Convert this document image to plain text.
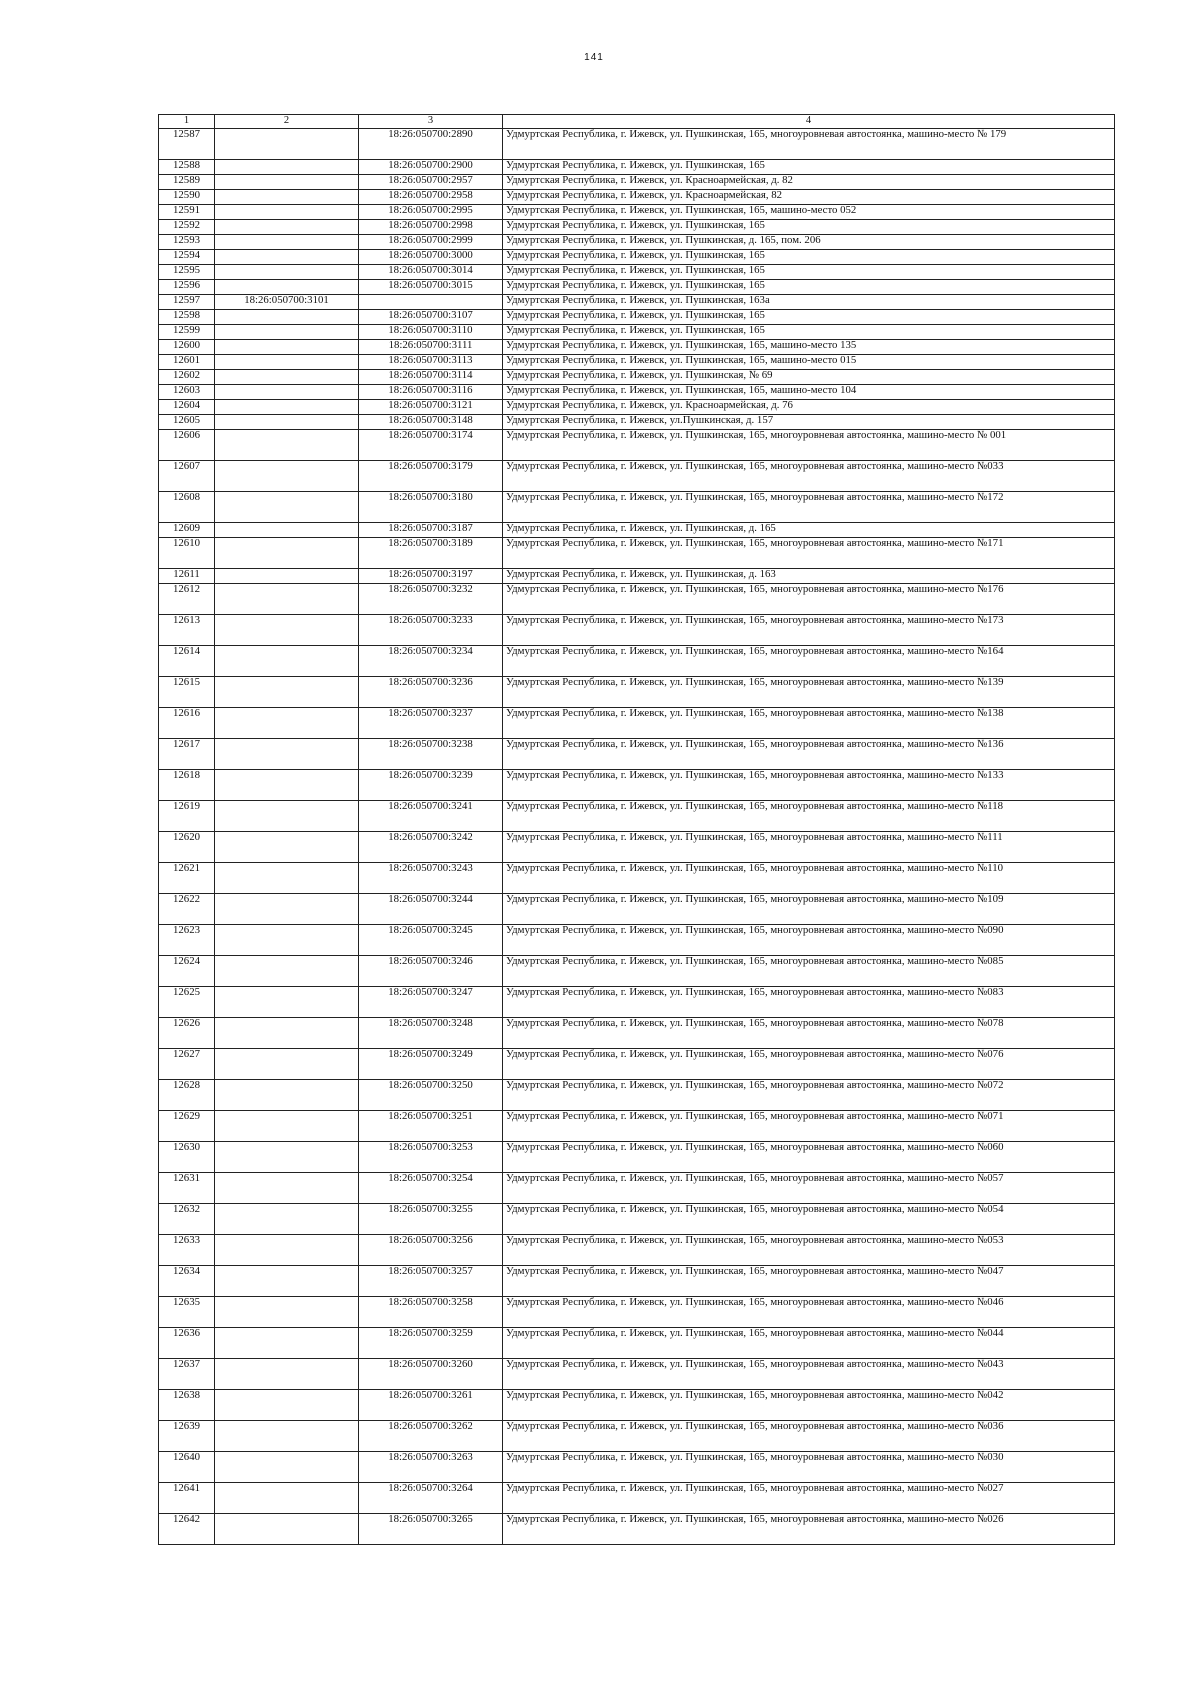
141
1	2	3	4
12587		18:26:050700:2890	Удмуртская Республика, г. Ижевск, ул. Пушкинская, 165, многоуровневая автостоянка, машино-место № 179
12588		18:26:050700:2900	Удмуртская Республика, г. Ижевск, ул. Пушкинская, 165
12589		18:26:050700:2957	Удмуртская Республика, г. Ижевск, ул. Красноармейская, д. 82
12590		18:26:050700:2958	Удмуртская Республика, г. Ижевск, ул. Красноармейская, 82
12591		18:26:050700:2995	Удмуртская Республика, г. Ижевск, ул. Пушкинская, 165, машино-место 052
12592		18:26:050700:2998	Удмуртская Республика, г. Ижевск, ул. Пушкинская, 165
12593		18:26:050700:2999	Удмуртская Республика, г. Ижевск, ул. Пушкинская, д. 165, пом. 206
12594		18:26:050700:3000	Удмуртская Республика, г. Ижевск, ул. Пушкинская, 165
12595		18:26:050700:3014	Удмуртская Республика, г. Ижевск, ул. Пушкинская, 165
12596		18:26:050700:3015	Удмуртская Республика, г. Ижевск, ул. Пушкинская, 165
12597	18:26:050700:3101		Удмуртская Республика, г. Ижевск, ул. Пушкинская, 163а
12598		18:26:050700:3107	Удмуртская Республика, г. Ижевск, ул. Пушкинская, 165
12599		18:26:050700:3110	Удмуртская Республика, г. Ижевск, ул. Пушкинская, 165
12600		18:26:050700:3111	Удмуртская Республика, г. Ижевск, ул. Пушкинская, 165, машино-место 135
12601		18:26:050700:3113	Удмуртская Республика, г. Ижевск, ул. Пушкинская, 165, машино-место 015
12602		18:26:050700:3114	Удмуртская Республика, г. Ижевск, ул. Пушкинская, № 69
12603		18:26:050700:3116	Удмуртская Республика, г. Ижевск, ул. Пушкинская, 165, машино-место 104
12604		18:26:050700:3121	Удмуртская Республика, г. Ижевск, ул. Красноармейская, д. 76
12605		18:26:050700:3148	Удмуртская Республика, г. Ижевск, ул.Пушкинская, д. 157
12606		18:26:050700:3174	Удмуртская Республика, г. Ижевск, ул. Пушкинская, 165, многоуровневая автостоянка, машино-место № 001
12607		18:26:050700:3179	Удмуртская Республика, г. Ижевск, ул. Пушкинская, 165, многоуровневая автостоянка, машино-место №033
12608		18:26:050700:3180	Удмуртская Республика, г. Ижевск, ул. Пушкинская, 165, многоуровневая автостоянка, машино-место №172
12609		18:26:050700:3187	Удмуртская Республика, г. Ижевск, ул. Пушкинская, д. 165
12610		18:26:050700:3189	Удмуртская Республика, г. Ижевск, ул. Пушкинская, 165, многоуровневая автостоянка, машино-место №171
12611		18:26:050700:3197	Удмуртская Республика, г. Ижевск, ул. Пушкинская, д. 163
12612		18:26:050700:3232	Удмуртская Республика, г. Ижевск, ул. Пушкинская, 165, многоуровневая автостоянка, машино-место №176
12613		18:26:050700:3233	Удмуртская Республика, г. Ижевск, ул. Пушкинская, 165, многоуровневая автостоянка, машино-место №173
12614		18:26:050700:3234	Удмуртская Республика, г. Ижевск, ул. Пушкинская, 165, многоуровневая автостоянка, машино-место №164
12615		18:26:050700:3236	Удмуртская Республика, г. Ижевск, ул. Пушкинская, 165, многоуровневая автостоянка, машино-место №139
12616		18:26:050700:3237	Удмуртская Республика, г. Ижевск, ул. Пушкинская, 165, многоуровневая автостоянка, машино-место №138
12617		18:26:050700:3238	Удмуртская Республика, г. Ижевск, ул. Пушкинская, 165, многоуровневая автостоянка, машино-место №136
12618		18:26:050700:3239	Удмуртская Республика, г. Ижевск, ул. Пушкинская, 165, многоуровневая автостоянка, машино-место №133
12619		18:26:050700:3241	Удмуртская Республика, г. Ижевск, ул. Пушкинская, 165, многоуровневая автостоянка, машино-место №118
12620		18:26:050700:3242	Удмуртская Республика, г. Ижевск, ул. Пушкинская, 165, многоуровневая автостоянка, машино-место №111
12621		18:26:050700:3243	Удмуртская Республика, г. Ижевск, ул. Пушкинская, 165, многоуровневая автостоянка, машино-место №110
12622		18:26:050700:3244	Удмуртская Республика, г. Ижевск, ул. Пушкинская, 165, многоуровневая автостоянка, машино-место №109
12623		18:26:050700:3245	Удмуртская Республика, г. Ижевск, ул. Пушкинская, 165, многоуровневая автостоянка, машино-место №090
12624		18:26:050700:3246	Удмуртская Республика, г. Ижевск, ул. Пушкинская, 165, многоуровневая автостоянка, машино-место №085
12625		18:26:050700:3247	Удмуртская Республика, г. Ижевск, ул. Пушкинская, 165, многоуровневая автостоянка, машино-место №083
12626		18:26:050700:3248	Удмуртская Республика, г. Ижевск, ул. Пушкинская, 165, многоуровневая автостоянка, машино-место №078
12627		18:26:050700:3249	Удмуртская Республика, г. Ижевск, ул. Пушкинская, 165, многоуровневая автостоянка, машино-место №076
12628		18:26:050700:3250	Удмуртская Республика, г. Ижевск, ул. Пушкинская, 165, многоуровневая автостоянка, машино-место №072
12629		18:26:050700:3251	Удмуртская Республика, г. Ижевск, ул. Пушкинская, 165, многоуровневая автостоянка, машино-место №071
12630		18:26:050700:3253	Удмуртская Республика, г. Ижевск, ул. Пушкинская, 165, многоуровневая автостоянка, машино-место №060
12631		18:26:050700:3254	Удмуртская Республика, г. Ижевск, ул. Пушкинская, 165, многоуровневая автостоянка, машино-место №057
12632		18:26:050700:3255	Удмуртская Республика, г. Ижевск, ул. Пушкинская, 165, многоуровневая автостоянка, машино-место №054
12633		18:26:050700:3256	Удмуртская Республика, г. Ижевск, ул. Пушкинская, 165, многоуровневая автостоянка, машино-место №053
12634		18:26:050700:3257	Удмуртская Республика, г. Ижевск, ул. Пушкинская, 165, многоуровневая автостоянка, машино-место №047
12635		18:26:050700:3258	Удмуртская Республика, г. Ижевск, ул. Пушкинская, 165, многоуровневая автостоянка, машино-место №046
12636		18:26:050700:3259	Удмуртская Республика, г. Ижевск, ул. Пушкинская, 165, многоуровневая автостоянка, машино-место №044
12637		18:26:050700:3260	Удмуртская Республика, г. Ижевск, ул. Пушкинская, 165, многоуровневая автостоянка, машино-место №043
12638		18:26:050700:3261	Удмуртская Республика, г. Ижевск, ул. Пушкинская, 165, многоуровневая автостоянка, машино-место №042
12639		18:26:050700:3262	Удмуртская Республика, г. Ижевск, ул. Пушкинская, 165, многоуровневая автостоянка, машино-место №036
12640		18:26:050700:3263	Удмуртская Республика, г. Ижевск, ул. Пушкинская, 165, многоуровневая автостоянка, машино-место №030
12641		18:26:050700:3264	Удмуртская Республика, г. Ижевск, ул. Пушкинская, 165, многоуровневая автостоянка, машино-место №027
12642		18:26:050700:3265	Удмуртская Республика, г. Ижевск, ул. Пушкинская, 165, многоуровневая автостоянка, машино-место №026
